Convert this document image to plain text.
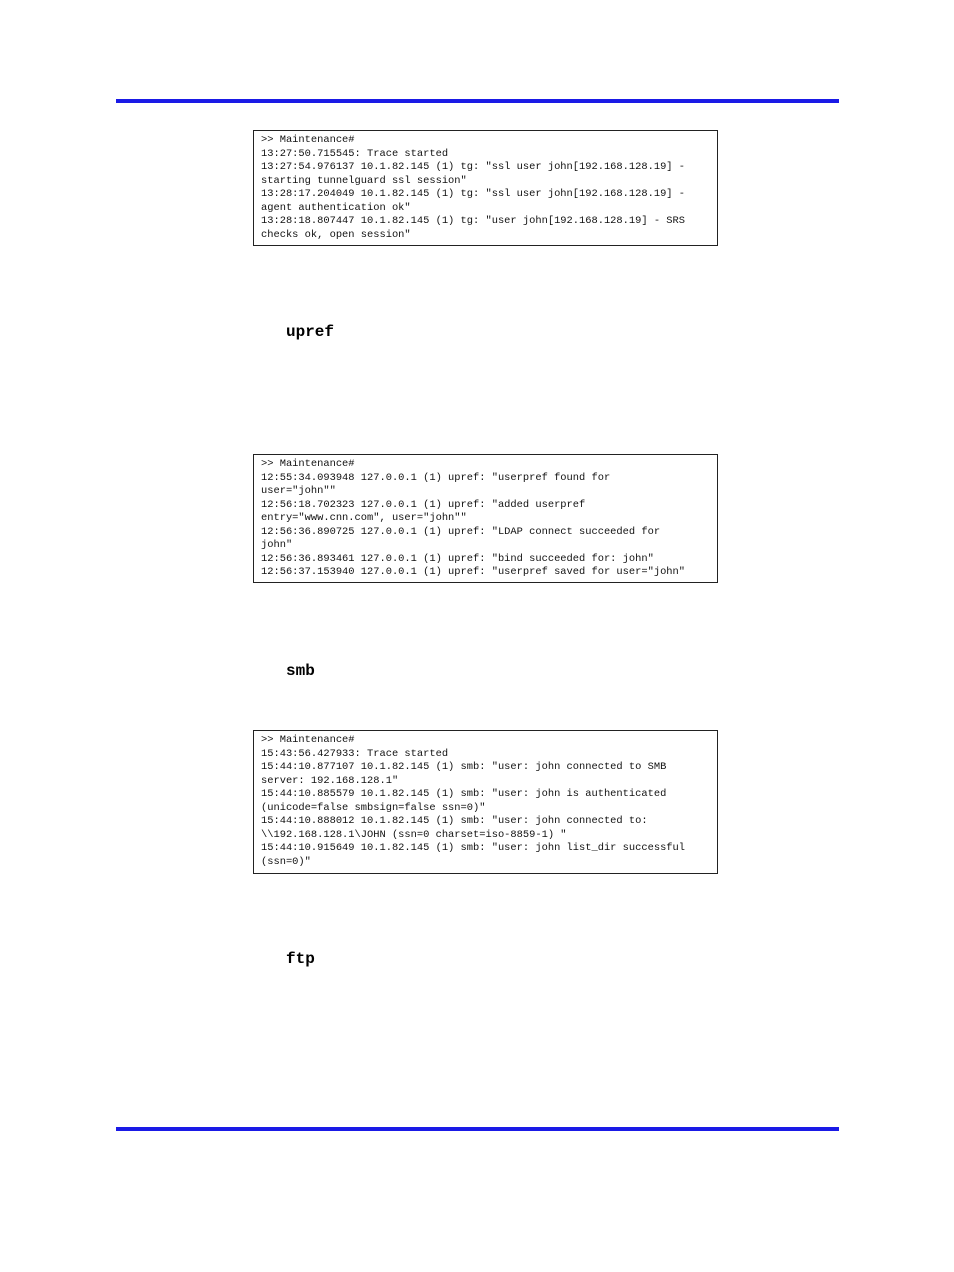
>> Maintenance#
13:27:50.715545: Trace started
13:27:54.976137 10.1.82.145 (1) tg: "ssl user john[192.168.128.19] -
starting tunnelguard ssl session"
13:28:17.204049 10.1.82.145 (1) tg: "ssl user john[192.168.128.19] -
agent authentication ok"
13:28:18.807447 10.1.82.145 (1) tg: "user john[192.168.128.19] - SRS
checks ok, open session"
upref
>> Maintenance#
12:55:34.093948 127.0.0.1 (1) upref: "userpref found for
user="john""
12:56:18.702323 127.0.0.1 (1) upref: "added userpref
entry="www.cnn.com", user="john""
12:56:36.890725 127.0.0.1 (1) upref: "LDAP connect succeeded for
john"
12:56:36.893461 127.0.0.1 (1) upref: "bind succeeded for: john"
12:56:37.153940 127.0.0.1 (1) upref: "userpref saved for user="john"
smb
>> Maintenance#
15:43:56.427933: Trace started
15:44:10.877107 10.1.82.145 (1) smb: "user: john connected to SMB
server: 192.168.128.1"
15:44:10.885579 10.1.82.145 (1) smb: "user: john is authenticated
(unicode=false smbsign=false ssn=0)"
15:44:10.888012 10.1.82.145 (1) smb: "user: john connected to:
\\192.168.128.1\JOHN (ssn=0 charset=iso-8859-1) "
15:44:10.915649 10.1.82.145 (1) smb: "user: john list_dir successful
(ssn=0)"
ftp
